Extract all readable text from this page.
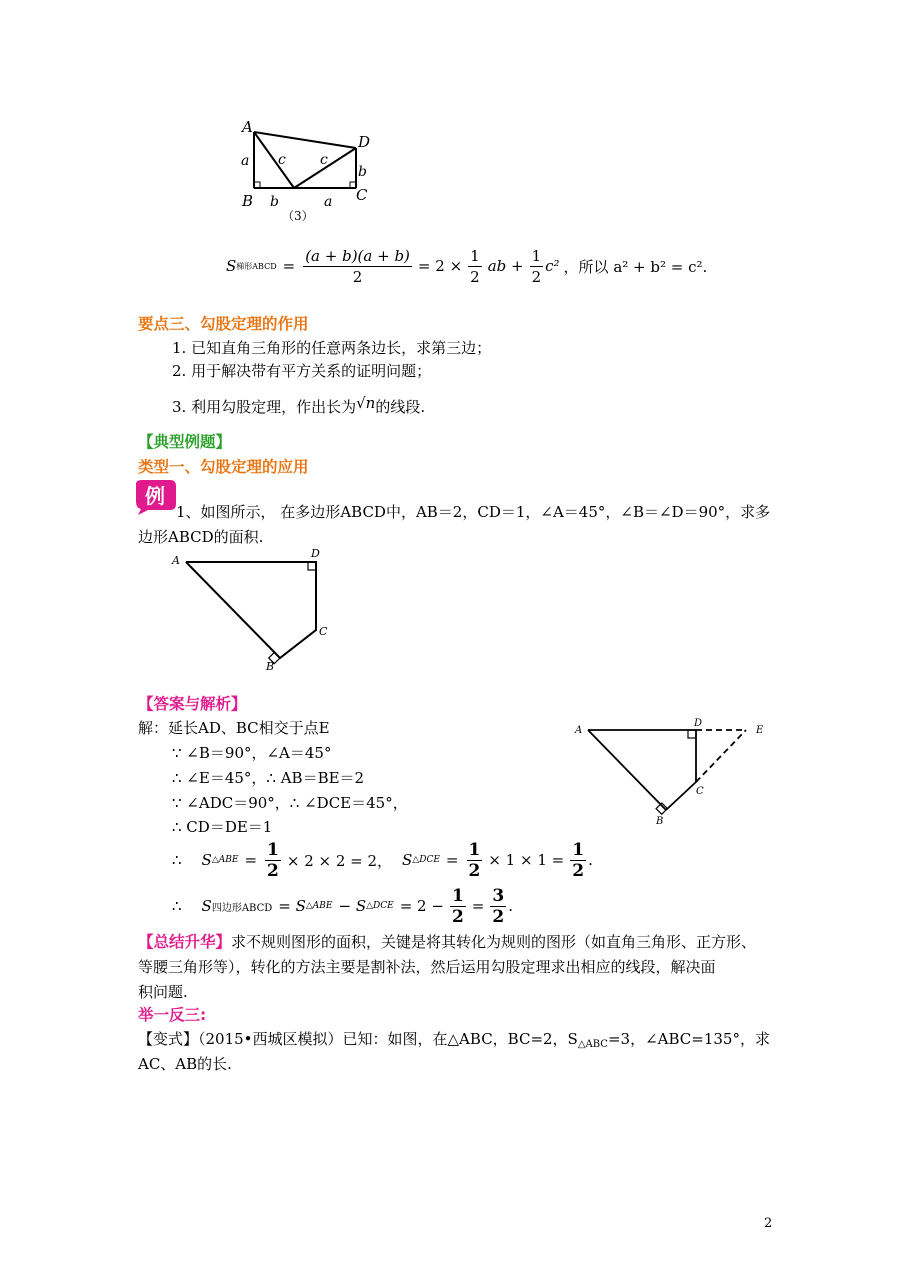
A
D
B	C
a c c
b
b	a
（3）
S 梯形ABCD = $\frac{(a + b)(a + b)}{2} = 2 \times \frac{1}{2}$ ab + $\frac{1}{2} c^2$ ，所以 a² + b² = c².
要点三、勾股定理的作用
1. 已知直角三角形的任意两条边长，求第三边；
2. 用于解决带有平方关系的证明问题；
3. 利用勾股定理，作出长为√n的线段.
【典型例题】
类型一、勾股定理的应用
例
1、如图所示， 在多边形ABCD中，AB＝2，CD＝1，∠A＝45°，∠B＝∠D＝90°，求多
边形ABCD的面积.
A
D
C
B
【答案与解析】
解：延长AD、BC相交于点E
∵ ∠B＝90°，∠A＝45°
∴ ∠E＝45°，∴ AB＝BE＝2
∵ ∠ADC＝90°，∴ ∠DCE＝45°，
∴ CD＝DE＝1
∴ S △ABE = $\frac{1}{2} \times 2 \times 2 = 2$， S △DCE = $\frac{1}{2} \times 1 \times 1 = \frac{1}{2}$ .
∴ S 四边形ABCD = S △ABE − S △DCE = $2 - \frac{1}{2} = \frac{3}{2}$ .
A
D
E
C
B
【总结升华】求不规则图形的面积，关键是将其转化为规则的图形（如直角三角形、正方形、
等腰三角形等），转化的方法主要是割补法，然后运用勾股定理求出相应的线段，解决面
积问题.
举一反三:
【变式】（2015•西城区模拟）已知：如图，在△ABC，BC=2，$S_{\triangle ABC}=3$，∠ABC=135°，求
AC、AB的长.
2
